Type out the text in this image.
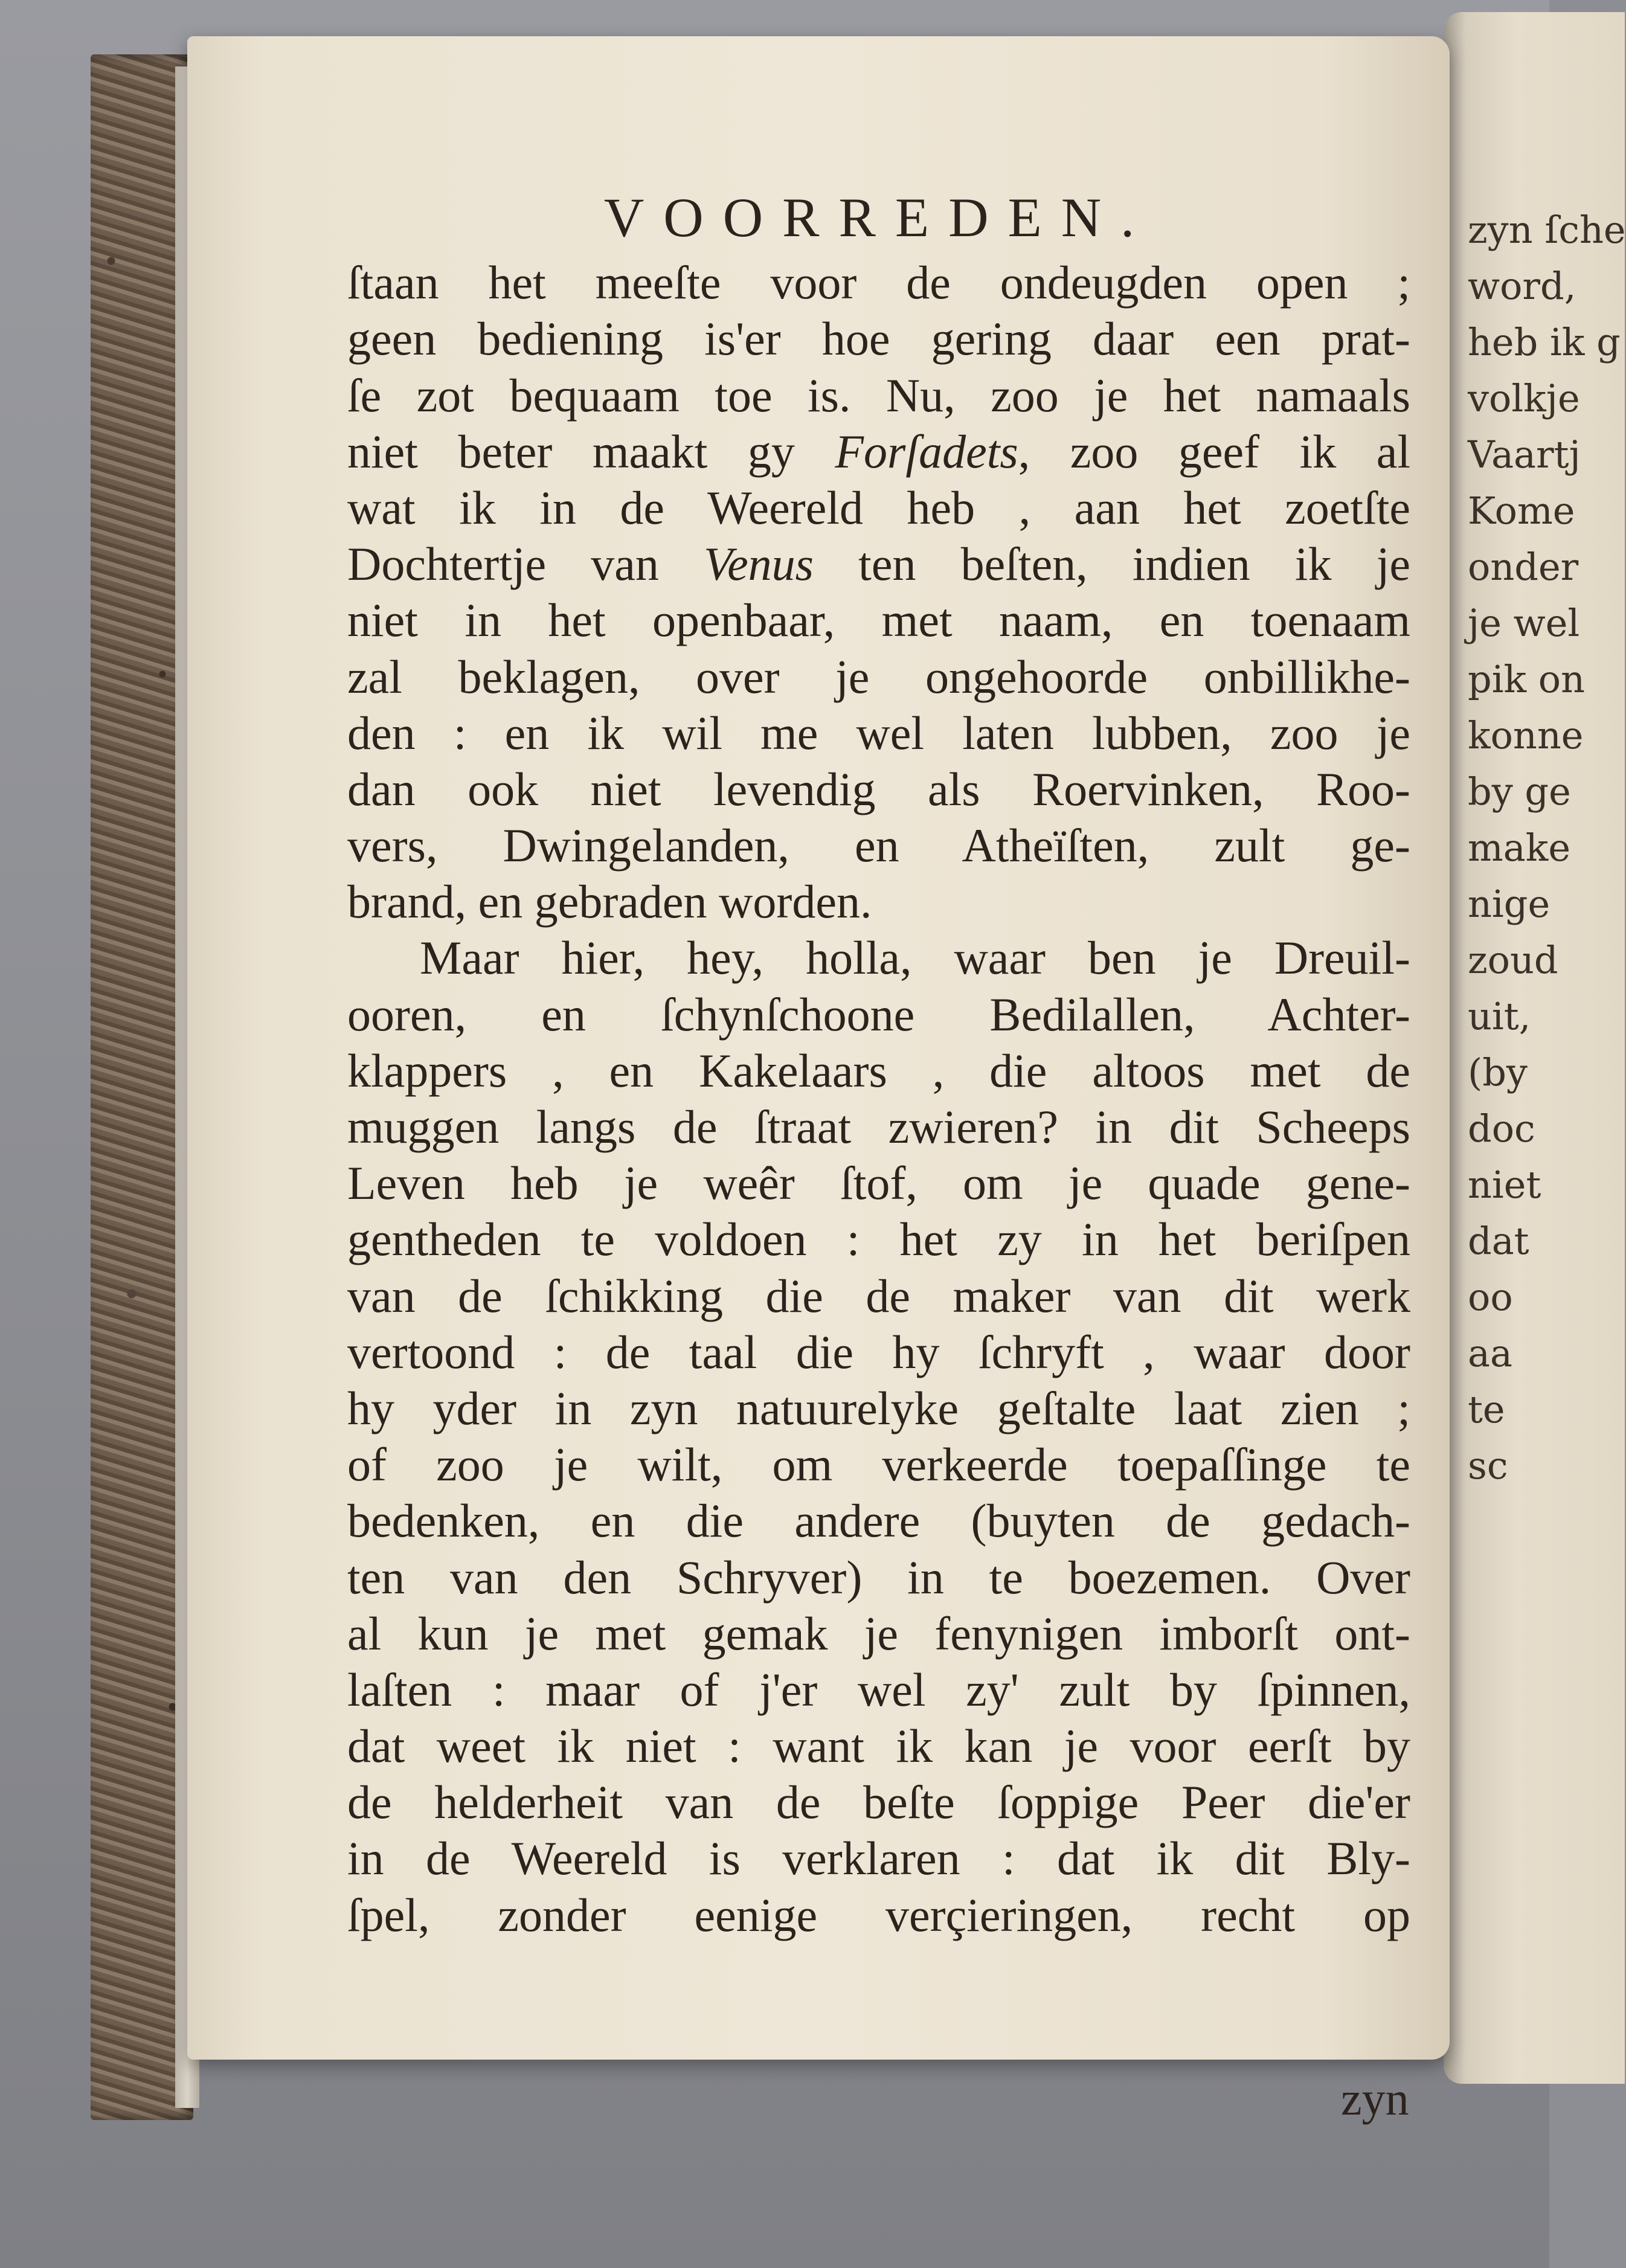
zyn ſche
word,
heb ik g
volkje
Vaartj
Kome
onder
je wel
pik on
konne
by ge
make
nige
zoud
uit,
(by
doc
niet
dat
oo
aa
te
sc
VOORREDEN.
ſtaan het meeſte voor de ondeugden open ;
geen bediening is'er hoe gering daar een prat-
ſe zot bequaam toe is. Nu, zoo je het namaals
niet beter maakt gy Forſadets, zoo geef ik al
wat ik in de Weereld heb , aan het zoetſte
Dochtertje van Venus ten beſten, indien ik je
niet in het openbaar, met naam, en toenaam
zal beklagen, over je ongehoorde onbillikhe-
den : en ik wil me wel laten lubben, zoo je
dan ook niet levendig als Roervinken, Roo-
vers, Dwingelanden, en Atheïſten, zult ge-
brand, en gebraden worden.
Maar hier, hey, holla, waar ben je Dreuil-
ooren, en ſchynſchoone Bedilallen, Achter-
klappers , en Kakelaars , die altoos met de
muggen langs de ſtraat zwieren? in dit Scheeps
Leven heb je weêr ſtof, om je quade gene-
gentheden te voldoen : het zy in het beriſpen
van de ſchikking die de maker van dit werk
vertoond : de taal die hy ſchryft , waar door
hy yder in zyn natuurelyke geſtalte laat zien ;
of zoo je wilt, om verkeerde toepaſſinge te
bedenken, en die andere (buyten de gedach-
ten van den Schryver) in te boezemen. Over
al kun je met gemak je fenynigen imborſt ont-
laſten : maar of j'er wel zy' zult by ſpinnen,
dat weet ik niet : want ik kan je voor eerſt by
de helderheit van de beſte ſoppige Peer die'er
in de Weereld is verklaren : dat ik dit Bly-
ſpel, zonder eenige verçieringen, recht op
zyn
